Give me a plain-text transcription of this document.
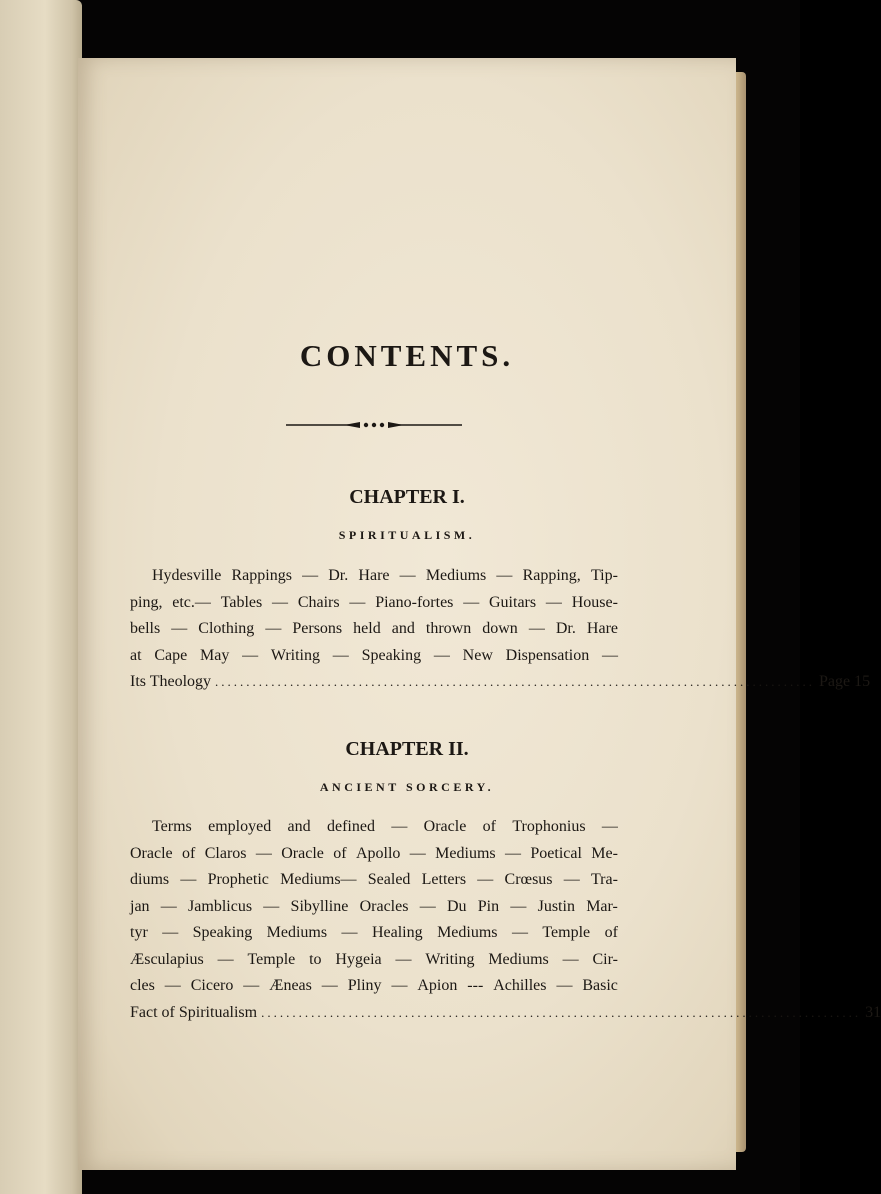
CONTENTS.
CHAPTER I.

SPIRITUALISM.

Hydesville Rappings — Dr. Hare — Mediums — Rapping, Tip-
ping, etc.— Tables — Chairs — Piano-fortes — Guitars — House-
bells — Clothing — Persons held and thrown down — Dr. Hare
at Cape May — Writing — Speaking — New Dispensation —
Its Theology ................................................................................................ Page 15
CHAPTER II.

ANCIENT SORCERY.

Terms employed and defined — Oracle of Trophonius —
Oracle of Claros — Oracle of Apollo — Mediums — Poetical Me-
diums — Prophetic Mediums— Sealed Letters — Crœsus — Tra-
jan — Jamblicus — Sibylline Oracles — Du Pin — Justin Mar-
tyr — Speaking Mediums — Healing Mediums — Temple of
Æsculapius — Temple to Hygeia — Writing Mediums — Cir-
cles — Cicero — Æneas — Pliny — Apion --- Achilles — Basic
Fact of Spiritualism ................................................................................................ 31
